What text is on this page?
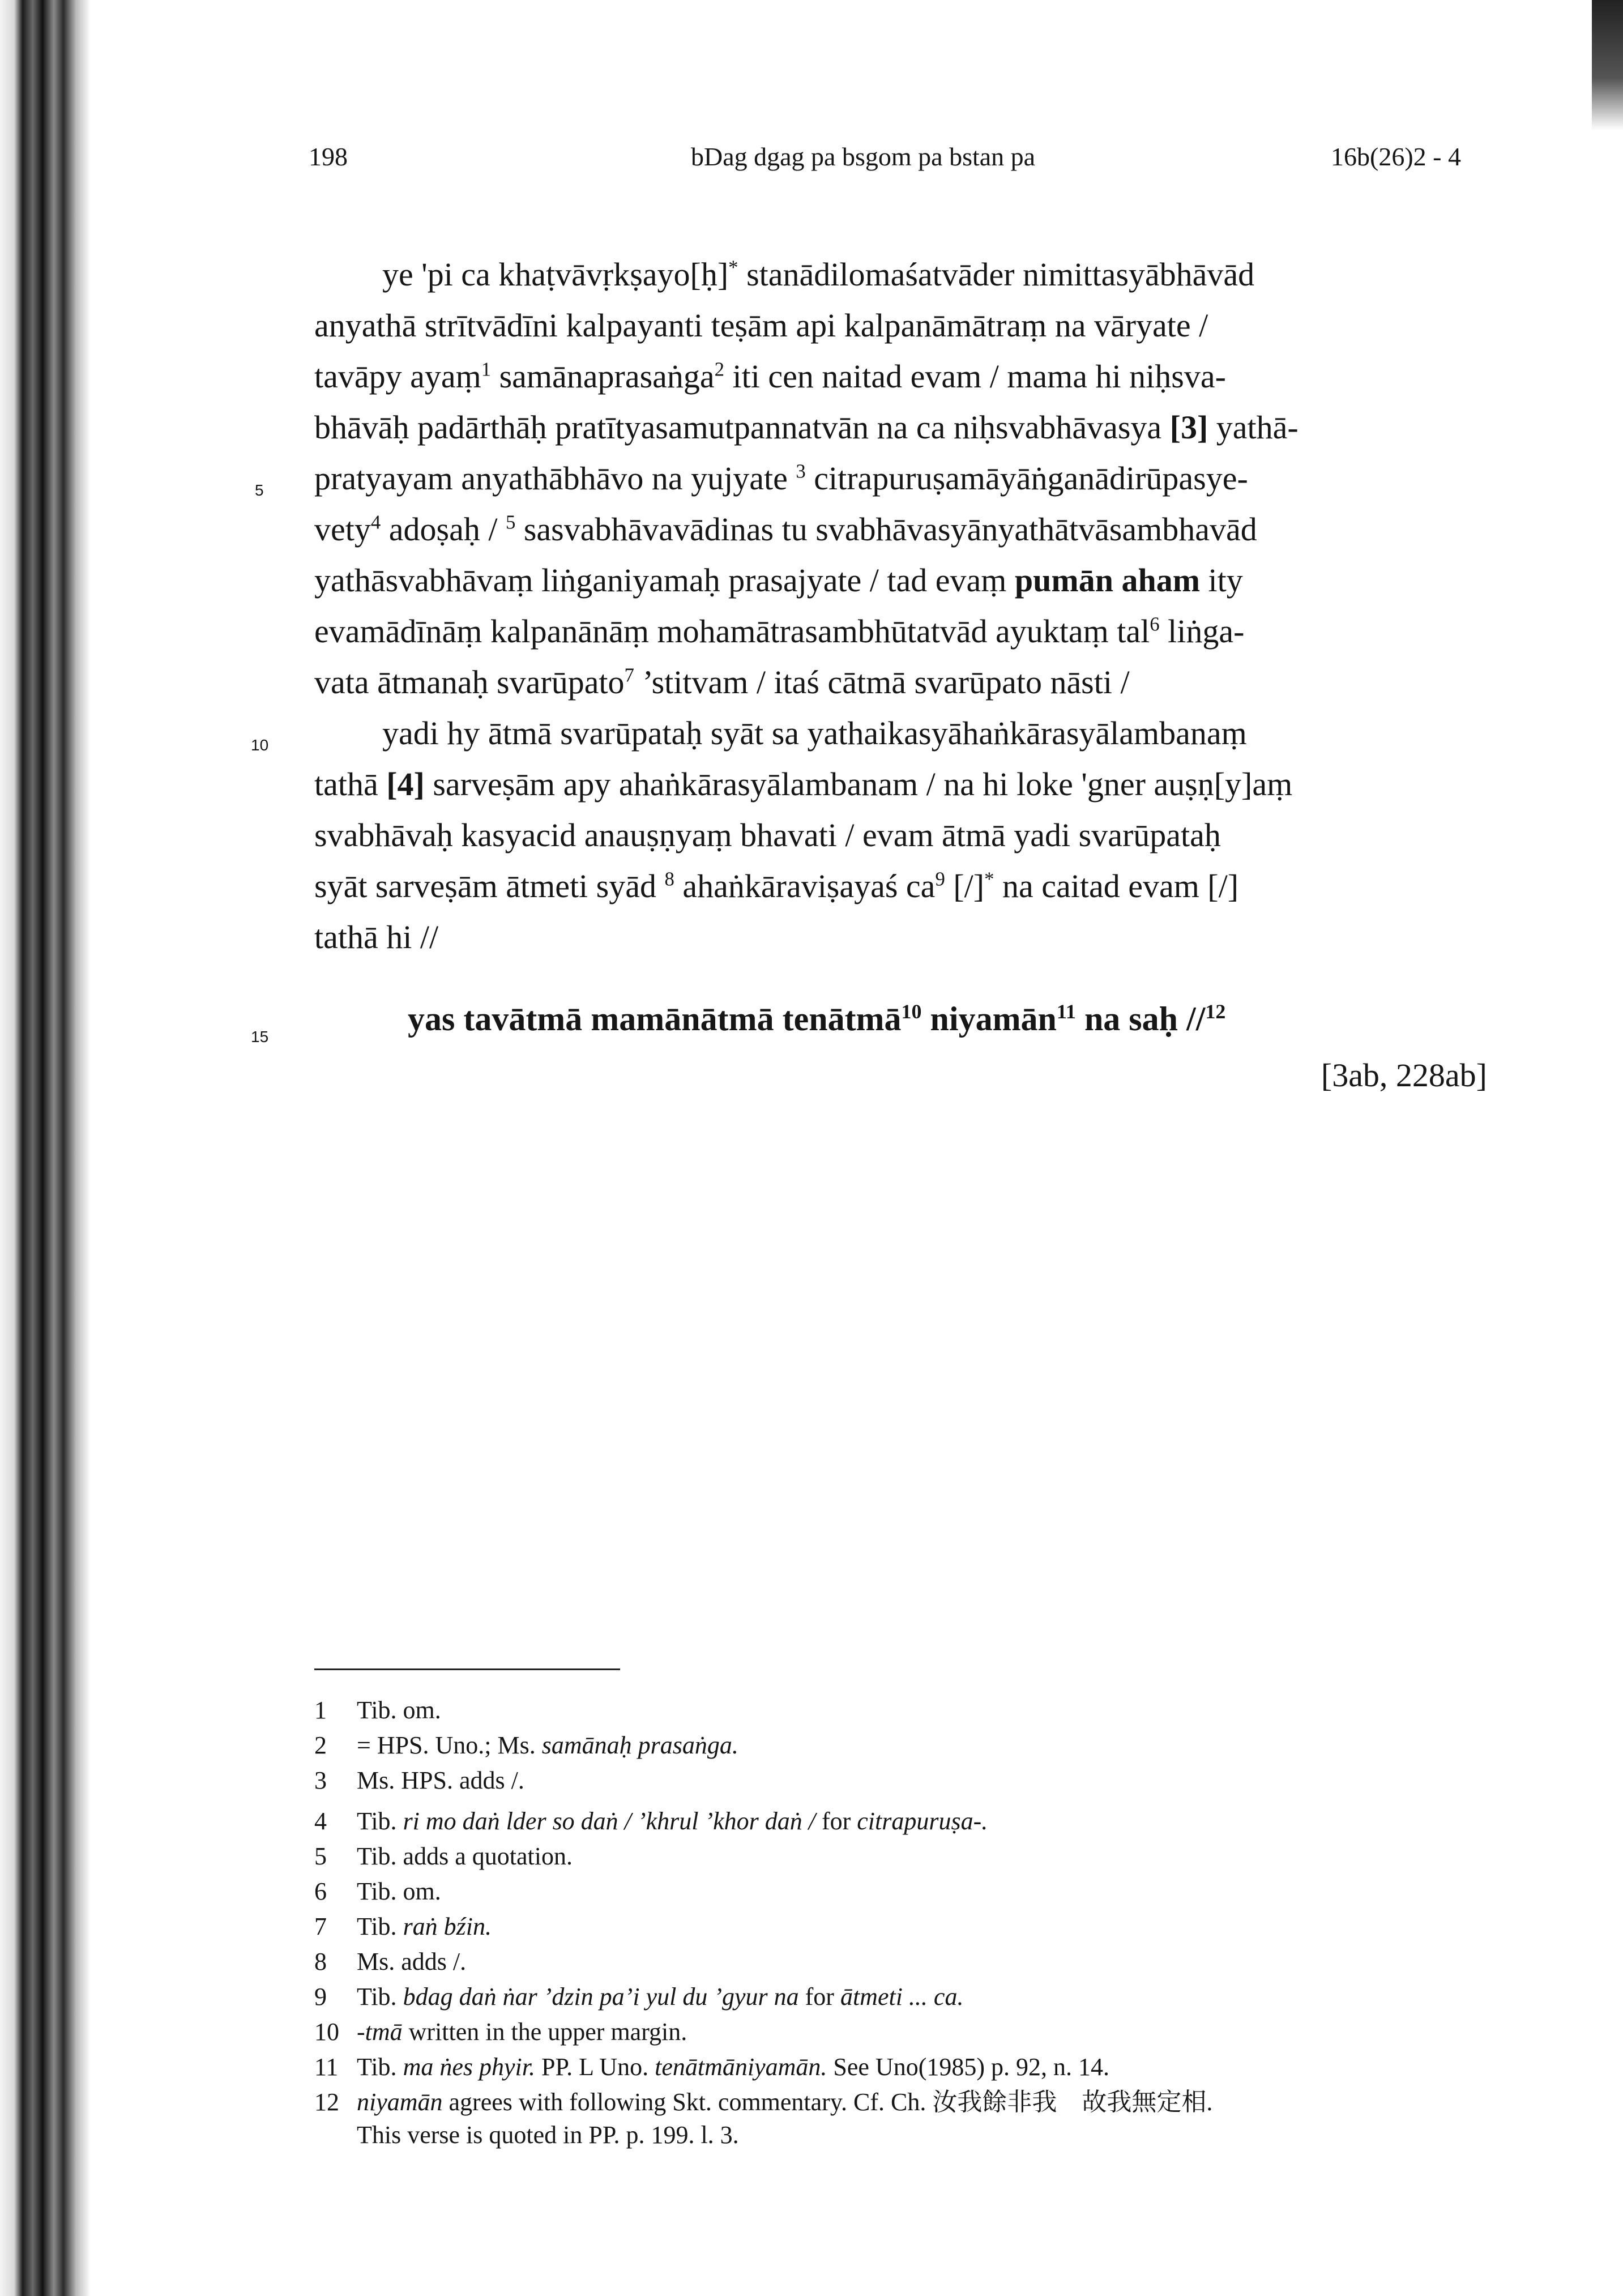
198	bDag dgag pa bsgom pa bstan pa	16b(26)2 - 4
ye 'pi ca khaṭvāvṛkṣayo[ḥ]* stanādilomaśatvāder nimittasyābhāvād
anyathā strītvādīni kalpayanti teṣām api kalpanāmātraṃ na vāryate /
tavāpy ayaṃ$^1$ samānaprasaṅga$^2$ iti cen naitad evam / mama hi niḥsva-
bhāvāḥ padārthāḥ pratītyasamutpannatvān na ca niḥsvabhāvasya [3] yathā-
pratyayam anyathābhāvo na yujyate $^3$ citrapuruṣamāyāṅganādirūpasye-
vety$^4$ adoṣaḥ / $^5$ sasvabhāvavādinas tu svabhāvasyānyathātvāsambhavād
yathāsvabhāvaṃ liṅganiyamaḥ prasajyate / tad evaṃ pumān aham ity
evamādīnāṃ kalpanānāṃ mohamātrasambhūtatvād ayuktaṃ tal$^6$ liṅga-
vata ātmanaḥ svarūpato$^7$ ’stitvam / itaś cātmā svarūpato nāsti /
yadi hy ātmā svarūpataḥ syāt sa yathaikasyāhaṅkārasyālambanaṃ
tathā [4] sarveṣām apy ahaṅkārasyālambanam / na hi loke 'gner auṣṇ[y]aṃ
svabhāvaḥ kasyacid anauṣṇyaṃ bhavati / evam ātmā yadi svarūpataḥ
syāt sarveṣām ātmeti syād $^8$ ahaṅkāraviṣayaś $ca^9$ [/]* na caitad evam [/]
tathā hi //
5
10
15	yas tavātmā mamānātmā tenātmā$^{10}$ niyamān$^{11}$ na saḥ //$^{12}$
[3ab, 228ab]
1 Tib. om.
2 = HPS. Uno.; Ms. samānaḥ prasaṅga.
3 Ms. HPS. adds /.
4 Tib. ri mo daṅ lder so daṅ / ’khrul ’khor daṅ / for citrapuruṣa-.
5 Tib. adds a quotation.
6 Tib. om.
7 Tib. raṅ bźin.
8 Ms. adds /.
9 Tib. bdag daṅ ṅar ’dzin pa’i yul du ’gyur na for ātmeti ... ca.
10 -tmā written in the upper margin.
11 Tib. ma ṅes phyir. PP. L Uno. tenātmāniyamān. See Uno(1985) p. 92, n. 14.
12 niyamān agrees with following Skt. commentary. Cf. Ch. 汝我餘非我　故我無定相.
This verse is quoted in PP. p. 199. l. 3.
